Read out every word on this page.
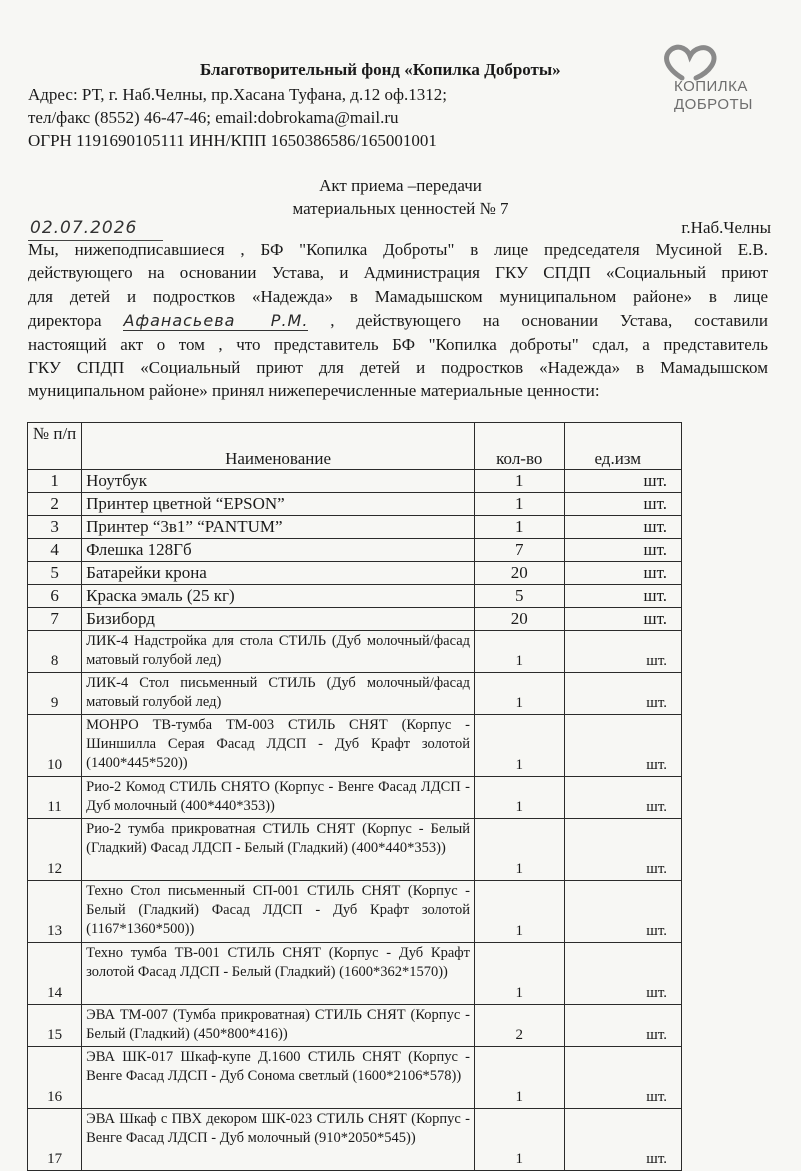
Благотворительный фонд «Копилка Доброты»
Адрес: РТ, г. Наб.Челны, пр.Хасана Туфана, д.12 оф.1312;
тел/факс (8552) 46-47-46; email:dobrokama@mail.ru
ОГРН 1191690105111 ИНН/КПП 1650386586/165001001
КОПИЛКА
ДОБРОТЫ
Акт приема –передачи
материальных ценностей № 7
02.07.2026	г.Наб.Челны
Мы, нижеподписавшиеся , БФ "Копилка Доброты" в лице председателя Мусиной Е.В.
действующего на основании Устава, и Администрация ГКУ СПДП «Социальный приют
для детей и подростков «Надежда» в Мамадышском муниципальном районе» в лице
директора Афанасьева Р.М. , действующего на основании Устава, составили
настоящий акт о том , что представитель БФ "Копилка доброты" сдал, а представитель
ГКУ СПДП «Социальный приют для детей и подростков «Надежда» в Мамадышском
муниципальном районе» принял нижеперечисленные материальные ценности:
№ п/п	Наименование	кол-во	ед.изм
1	Ноутбук	1	шт.
2	Принтер цветной “EPSON”	1	шт.
3	Принтер “3в1” “PANTUM”	1	шт.
4	Флешка 128Гб	7	шт.
5	Батарейки крона	20	шт.
6	Краска эмаль (25 кг)	5	шт.
7	Бизиборд	20	шт.
8	ЛИК-4 Надстройка для стола СТИЛЬ (Дуб молочный/фасад матовый голубой лед)	1	шт.
9	ЛИК-4 Стол письменный СТИЛЬ (Дуб молочный/фасад матовый голубой лед)	1	шт.
10	МОНРО ТВ-тумба ТМ-003 СТИЛЬ СНЯТ (Корпус - Шиншилла Серая Фасад ЛДСП - Дуб Крафт золотой (1400*445*520))	1	шт.
11	Рио-2 Комод СТИЛЬ СНЯТО (Корпус - Венге Фасад ЛДСП - Дуб молочный (400*440*353))	1	шт.
12	Рио-2 тумба прикроватная СТИЛЬ СНЯТ (Корпус - Белый (Гладкий) Фасад ЛДСП - Белый (Гладкий) (400*440*353))	1	шт.
13	Техно Стол письменный СП-001 СТИЛЬ СНЯТ (Корпус - Белый (Гладкий) Фасад ЛДСП - Дуб Крафт золотой (1167*1360*500))	1	шт.
14	Техно тумба ТВ-001 СТИЛЬ СНЯТ (Корпус - Дуб Крафт золотой Фасад ЛДСП - Белый (Гладкий) (1600*362*1570))	1	шт.
15	ЭВА ТМ-007 (Тумба прикроватная) СТИЛЬ СНЯТ (Корпус - Белый (Гладкий) (450*800*416))	2	шт.
16	ЭВА ШК-017 Шкаф-купе Д.1600 СТИЛЬ СНЯТ (Корпус - Венге Фасад ЛДСП - Дуб Сонома светлый (1600*2106*578))	1	шт.
17	ЭВА Шкаф с ПВХ декором ШК-023 СТИЛЬ СНЯТ (Корпус - Венге Фасад ЛДСП - Дуб молочный (910*2050*545))	1	шт.
